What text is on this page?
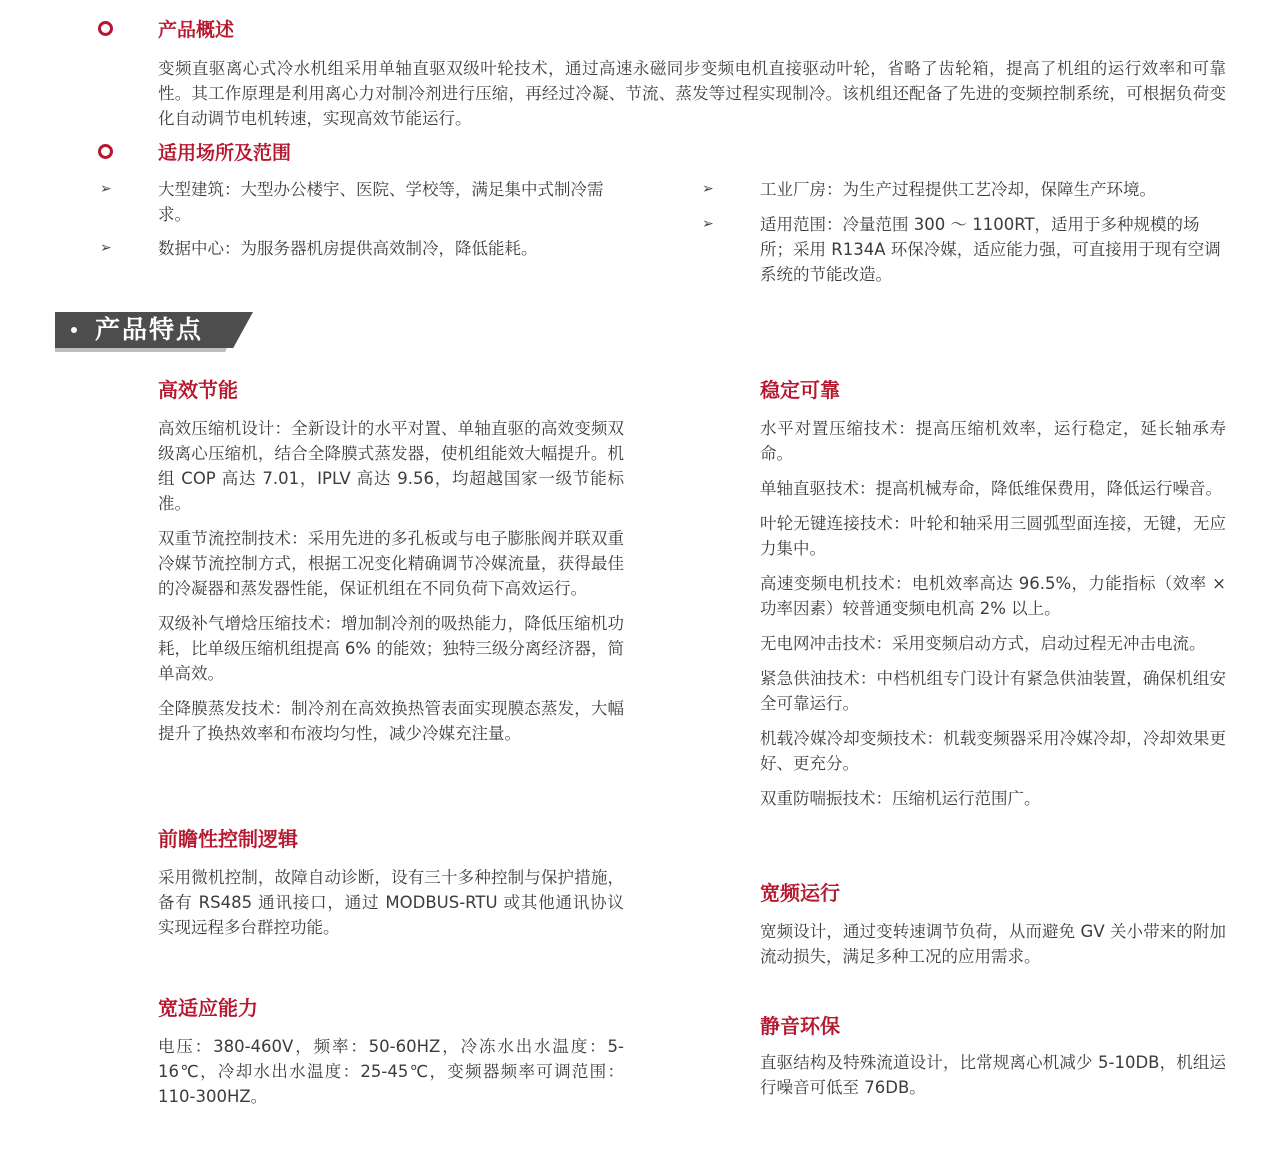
产品概述
变频直驱离心式冷水机组采用单轴直驱双级叶轮技术，通过高速永磁同步变频电机直接驱动叶轮，省略了齿轮箱，提高了机组的运行效率和可靠性。其工作原理是利用离心力对制冷剂进行压缩，再经过冷凝、节流、蒸发等过程实现制冷。该机组还配备了先进的变频控制系统，可根据负荷变化自动调节电机转速，实现高效节能运行。
适用场所及范围
➢	大型建筑：大型办公楼宇、医院、学校等，满足集中式制冷需求。
➢	数据中心：为服务器机房提供高效制冷，降低能耗。
➢	工业厂房：为生产过程提供工艺冷却，保障生产环境。
➢	适用范围：冷量范围 300 ～ 1100RT，适用于多种规模的场所；采用 R134A 环保冷媒，适应能力强，可直接用于现有空调系统的节能改造。
产品特点
高效节能

高效压缩机设计：全新设计的水平对置、单轴直驱的高效变频双级离心压缩机，结合全降膜式蒸发器，使机组能效大幅提升。机组 COP 高达 7.01，IPLV 高达 9.56，均超越国家一级节能标准。

双重节流控制技术：采用先进的多孔板或与电子膨胀阀并联双重冷媒节流控制方式，根据工况变化精确调节冷媒流量，获得最佳的冷凝器和蒸发器性能，保证机组在不同负荷下高效运行。

双级补气增焓压缩技术：增加制冷剂的吸热能力，降低压缩机功耗，比单级压缩机组提高 6% 的能效；独特三级分离经济器，简单高效。

全降膜蒸发技术：制冷剂在高效换热管表面实现膜态蒸发，大幅提升了换热效率和布液均匀性，减少冷媒充注量。

前瞻性控制逻辑

采用微机控制，故障自动诊断，设有三十多种控制与保护措施，备有 RS485 通讯接口，通过 MODBUS-RTU 或其他通讯协议实现远程多台群控功能。

宽适应能力

电压：380-460V，频率：50-60HZ，冷冻水出水温度：5-16℃，冷却水出水温度：25-45℃，变频器频率可调范围：110-300HZ。

稳定可靠

水平对置压缩技术：提高压缩机效率，运行稳定，延长轴承寿命。

单轴直驱技术：提高机械寿命，降低维保费用，降低运行噪音。

叶轮无键连接技术：叶轮和轴采用三圆弧型面连接，无键，无应力集中。

高速变频电机技术：电机效率高达 96.5%，力能指标（效率 × 功率因素）较普通变频电机高 2% 以上。

无电网冲击技术：采用变频启动方式，启动过程无冲击电流。

紧急供油技术：中档机组专门设计有紧急供油装置，确保机组安全可靠运行。

机载冷媒冷却变频技术：机载变频器采用冷媒冷却，冷却效果更好、更充分。

双重防喘振技术：压缩机运行范围广。

宽频运行

宽频设计，通过变转速调节负荷，从而避免 GV 关小带来的附加流动损失，满足多种工况的应用需求。

静音环保

直驱结构及特殊流道设计，比常规离心机减少 5-10DB，机组运行噪音可低至 76DB。
